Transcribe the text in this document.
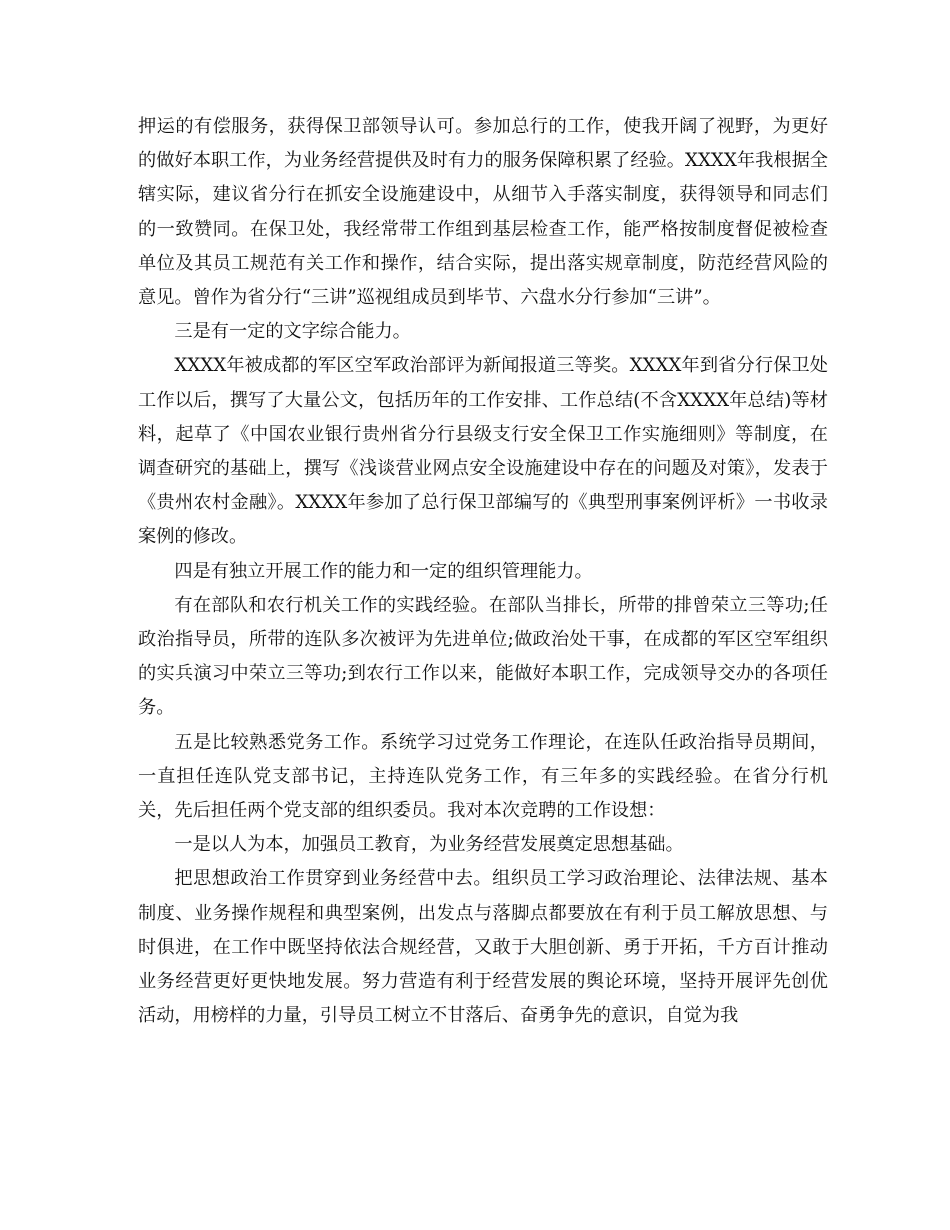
押运的有偿服务，获得保卫部领导认可。参加总行的工作，使我开阔了视野，为更好的做好本职工作，为业务经营提供及时有力的服务保障积累了经验。XXXX年我根据全辖实际，建议省分行在抓安全设施建设中，从细节入手落实制度，获得领导和同志们的一致赞同。在保卫处，我经常带工作组到基层检查工作，能严格按制度督促被检查单位及其员工规范有关工作和操作，结合实际，提出落实规章制度，防范经营风险的意见。曾作为省分行“三讲”巡视组成员到毕节、六盘水分行参加“三讲”。

三是有一定的文字综合能力。

XXXX年被成都的军区空军政治部评为新闻报道三等奖。XXXX年到省分行保卫处工作以后，撰写了大量公文，包括历年的工作安排、工作总结(不含XXXX年总结)等材料，起草了《中国农业银行贵州省分行县级支行安全保卫工作实施细则》等制度，在调查研究的基础上，撰写《浅谈营业网点安全设施建设中存在的问题及对策》，发表于《贵州农村金融》。XXXX年参加了总行保卫部编写的《典型刑事案例评析》一书收录案例的修改。

四是有独立开展工作的能力和一定的组织管理能力。

有在部队和农行机关工作的实践经验。在部队当排长，所带的排曾荣立三等功;任政治指导员，所带的连队多次被评为先进单位;做政治处干事，在成都的军区空军组织的实兵演习中荣立三等功;到农行工作以来，能做好本职工作，完成领导交办的各项任务。

五是比较熟悉党务工作。系统学习过党务工作理论，在连队任政治指导员期间，一直担任连队党支部书记，主持连队党务工作，有三年多的实践经验。在省分行机关，先后担任两个党支部的组织委员。我对本次竞聘的工作设想：

一是以人为本，加强员工教育，为业务经营发展奠定思想基础。

把思想政治工作贯穿到业务经营中去。组织员工学习政治理论、法律法规、基本制度、业务操作规程和典型案例，出发点与落脚点都要放在有利于员工解放思想、与时俱进，在工作中既坚持依法合规经营，又敢于大胆创新、勇于开拓，千方百计推动业务经营更好更快地发展。努力营造有利于经营发展的舆论环境，坚持开展评先创优活动，用榜样的力量，引导员工树立不甘落后、奋勇争先的意识，自觉为我
